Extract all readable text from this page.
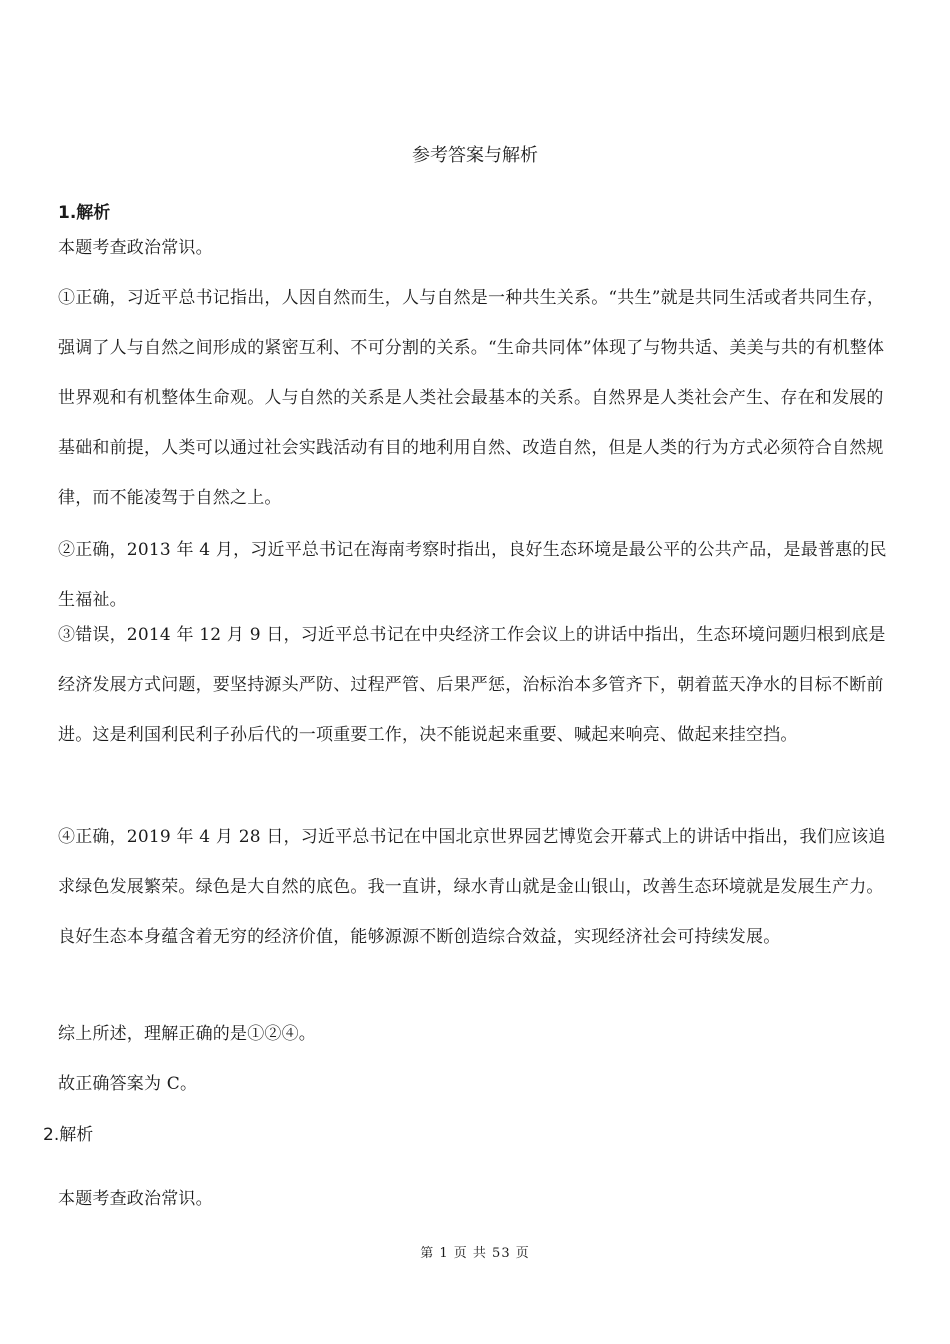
参考答案与解析
1.解析

本题考查政治常识。

①正确，习近平总书记指出，人因自然而生，人与自然是一种共生关系。“共生”就是共同生活或者共同生存，强调了人与自然之间形成的紧密互利、不可分割的关系。“生命共同体”体现了与物共适、美美与共的有机整体世界观和有机整体生命观。人与自然的关系是人类社会最基本的关系。自然界是人类社会产生、存在和发展的基础和前提，人类可以通过社会实践活动有目的地利用自然、改造自然，但是人类的行为方式必须符合自然规律，而不能凌驾于自然之上。

②正确，2013 年 4 月，习近平总书记在海南考察时指出，良好生态环境是最公平的公共产品，是最普惠的民生福祉。

③错误，2014 年 12 月 9 日，习近平总书记在中央经济工作会议上的讲话中指出，生态环境问题归根到底是经济发展方式问题，要坚持源头严防、过程严管、后果严惩，治标治本多管齐下，朝着蓝天净水的目标不断前进。这是利国利民利子孙后代的一项重要工作，决不能说起来重要、喊起来响亮、做起来挂空挡。

④正确，2019 年 4 月 28 日，习近平总书记在中国北京世界园艺博览会开幕式上的讲话中指出，我们应该追求绿色发展繁荣。绿色是大自然的底色。我一直讲，绿水青山就是金山银山，改善生态环境就是发展生产力。良好生态本身蕴含着无穷的经济价值，能够源源不断创造综合效益，实现经济社会可持续发展。

综上所述，理解正确的是①②④。

故正确答案为 C。

2.解析

本题考查政治常识。

第 1 页 共 53 页
